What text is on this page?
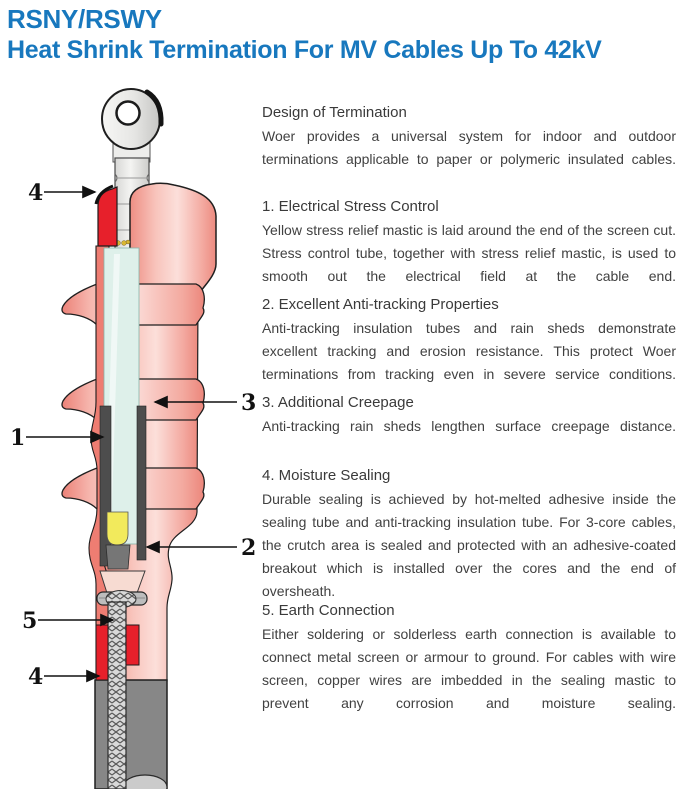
RSNY/RSWY
Heat Shrink Termination For MV Cables Up To 42kV
4
1
3
2
5
4
Design of Termination

Woer provides a universal system for indoor and outdoor terminations applicable to paper or polymeric insulated cables.

1. Electrical Stress Control

Yellow stress relief mastic is laid around the end of the screen cut. Stress control tube, together with stress relief mastic, is used to smooth out the electrical field at the cable end.

2. Excellent Anti-tracking Properties

Anti-tracking insulation tubes and rain sheds demonstrate excellent tracking and erosion resistance. This protect Woer terminations from tracking even in severe service conditions.

3. Additional Creepage

Anti-tracking rain sheds lengthen surface creepage distance.

4. Moisture Sealing

Durable sealing is achieved by hot-melted adhesive inside the sealing tube and anti-tracking insulation tube. For 3-core cables, the crutch area is sealed and protected with an adhesive-coated breakout which is installed over the cores and the end of oversheath.

5. Earth Connection

Either soldering or solderless earth connection is available to connect metal screen or armour to ground. For cables with wire screen, copper wires are imbedded in the sealing mastic to prevent any corrosion and moisture sealing.
